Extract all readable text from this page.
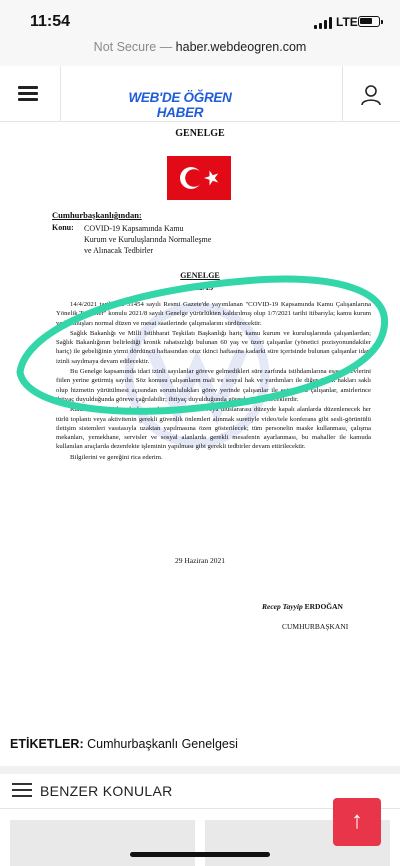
11:54	LTE
Not Secure — haber.webdeogren.com
WEB'DE ÖĞREN HABER
GENELGE
Cumhurbaşkanlığından:
Konu: COVID-19 Kapsamında Kamu
Kurum ve Kuruluşlarında Normalleşme
ve Alınacak Tedbirler
GENELGE
2021/13

14/4/2021 tarihli ve 31454 sayılı Resmi Gazete'de yayımlanan "COVID-19 Kapsamında Kamu Çalışanlarına Yönelik Tedbirler" konulu 2021/8 sayılı Genelge yürürlükten kaldırılmış olup 1/7/2021 tarihi itibarıyla; kamu kurum ve kuruluşları normal düzen ve mesai saatlerinde çalışmalarını sürdürecektir.

Sağlık Bakanlığı ve Milli İstihbarat Teşkilatı Başkanlığı hariç kamu kurum ve kuruluşlarında çalışanlardan; Sağlık Bakanlığının belirlediği kronik rahatsızlığı bulunan 60 yaş ve üzeri çalışanlar (yönetici pozisyonundakiler hariç) ile gebeliğinin yirmi dördüncü haftasından otuz ikinci haftasına kadarki süre içerisinde bulunan çalışanlar idari izinli sayılmaya devam edilecektir.

Bu Genelge kapsamında idari izinli sayılanlar göreve gelmedikleri süre zarfında istihdamlarına esas görevlerini fiilen yerine getirmiş sayılır. Söz konusu çalışanların mali ve sosyal hak ve yardımları ile diğer özlük hakları saklı olup hizmetin yürütülmesi açısından sorumlulukları görev yerinde çalışanlar ile eşittir. Bu çalışanlar, amirlerince ihtiyaç duyulduğunda göreve çağrılabilir; ihtiyaç duyulduğunda görevlerine döneceklerdir.

Kamu kurum ve kuruluşlarınca bu süreçte ulusal veya uluslararası düzeyde kapalı alanlarda düzenlenecek her türlü toplantı veya aktivitenin gerekli güvenlik önlemleri alınmak suretiyle video/tele konferans gibi sesli-görüntülü iletişim sistemleri vasıtasıyla uzaktan yapılmasına özen gösterilecek; tüm personelin maske kullanması, çalışma mekanları, yemekhane, servisler ve sosyal alanlarda gerekli mesafenin ayarlanması, bu mahaller ile kamuda kullanılan araçlarda dezenfekte işleminin yapılması gibi gerekli tedbirler devam ettirilecektir.

Bilgilerini ve gereğini rica ederim.

29 Haziran 2021
Recep Tayyip ERDOĞAN
CUMHURBAŞKANI
ETİKETLER: Cumhurbaşkanlı Genelgesi
BENZER KONULAR
↑
